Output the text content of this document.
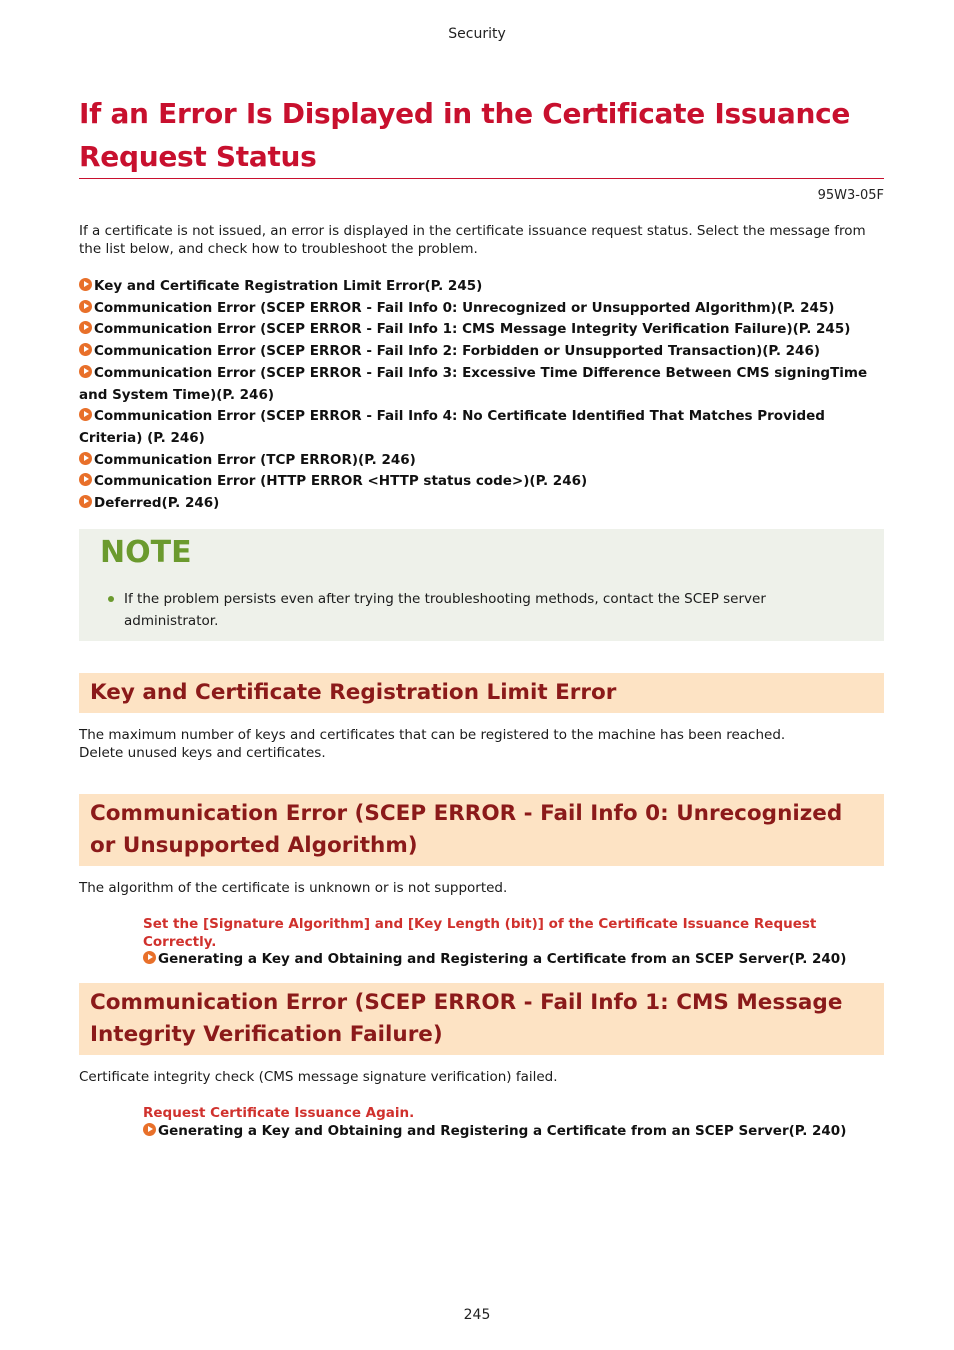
Security
If an Error Is Displayed in the Certificate Issuance Request Status
95W3-05F

If a certificate is not issued, an error is displayed in the certificate issuance request status. Select the message from the list below, and check how to troubleshoot the problem.

Key and Certificate Registration Limit Error(P. 245)
Communication Error (SCEP ERROR - Fail Info 0: Unrecognized or Unsupported Algorithm)(P. 245)
Communication Error (SCEP ERROR - Fail Info 1: CMS Message Integrity Verification Failure)(P. 245)
Communication Error (SCEP ERROR - Fail Info 2: Forbidden or Unsupported Transaction)(P. 246)
Communication Error (SCEP ERROR - Fail Info 3: Excessive Time Difference Between CMS signingTime and System Time)(P. 246)
Communication Error (SCEP ERROR - Fail Info 4: No Certificate Identified That Matches Provided Criteria) (P. 246)
Communication Error (TCP ERROR)(P. 246)
Communication Error (HTTP ERROR <HTTP status code>)(P. 246)
Deferred(P. 246)
NOTE

If the problem persists even after trying the troubleshooting methods, contact the SCEP server administrator.

Key and Certificate Registration Limit Error
The maximum number of keys and certificates that can be registered to the machine has been reached.
Delete unused keys and certificates.
Communication Error (SCEP ERROR - Fail Info 0: Unrecognized or Unsupported Algorithm)
The algorithm of the certificate is unknown or is not supported.
Set the [Signature Algorithm] and [Key Length (bit)] of the Certificate Issuance Request Correctly.
Generating a Key and Obtaining and Registering a Certificate from an SCEP Server(P. 240)
Communication Error (SCEP ERROR - Fail Info 1: CMS Message Integrity Verification Failure)
Certificate integrity check (CMS message signature verification) failed.
Request Certificate Issuance Again.
Generating a Key and Obtaining and Registering a Certificate from an SCEP Server(P. 240)
245
